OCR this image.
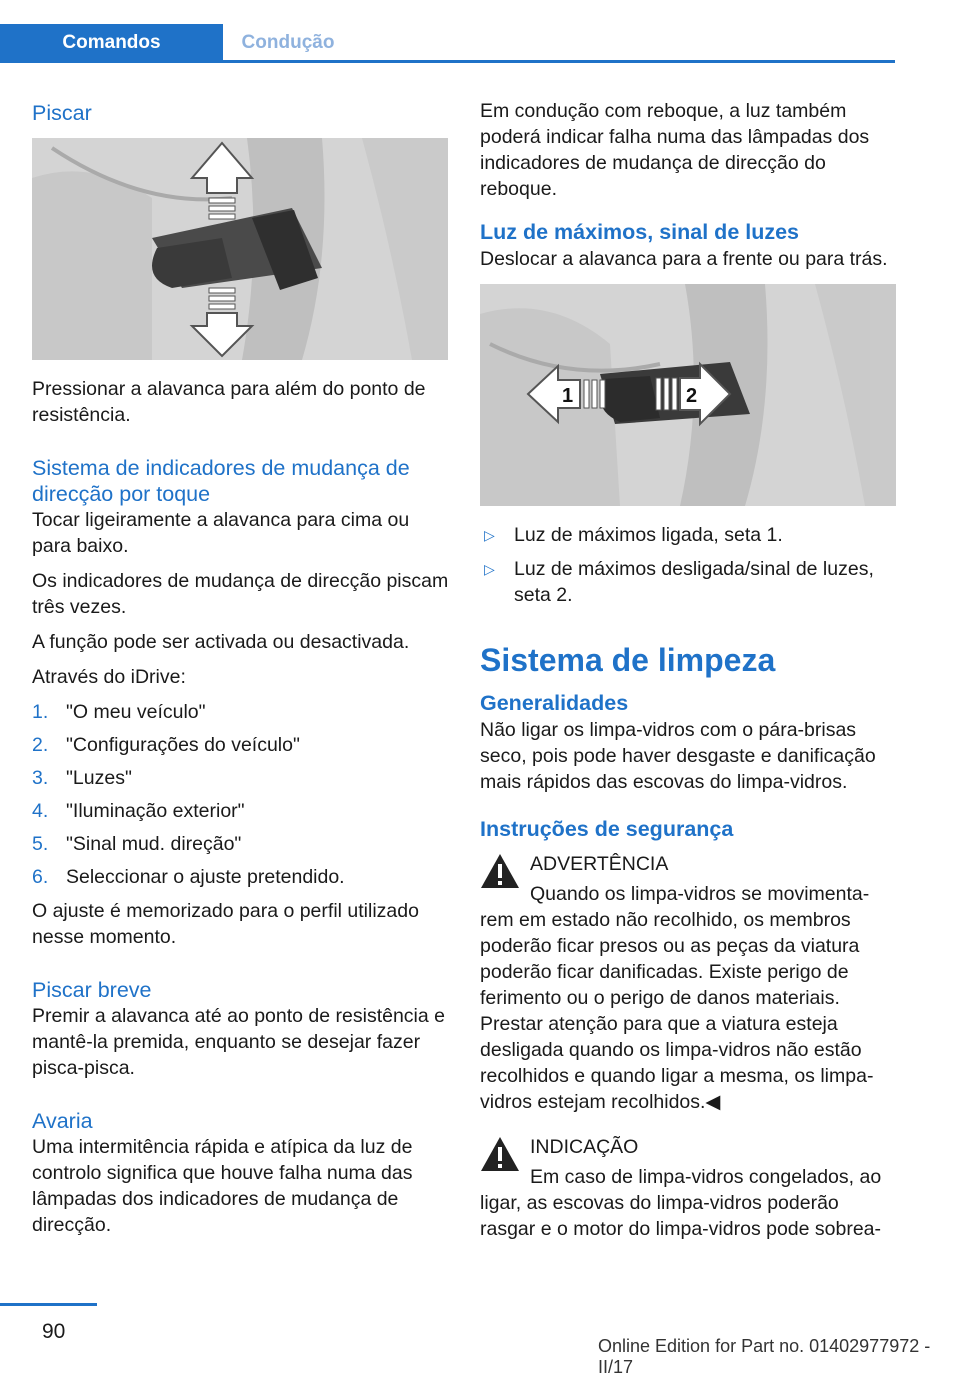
Comandos	Condução
Piscar

Pressionar a alavanca para além do ponto de resistência.

Sistema de indicadores de mudança de direcção por toque

Tocar ligeiramente a alavanca para cima ou para baixo.

Os indicadores de mudança de direcção piscam três vezes.

A função pode ser activada ou desactivada.

Através do iDrive:

1. "O meu veículo"
2. "Configurações do veículo"
3. "Luzes"
4. "Iluminação exterior"
5. "Sinal mud. direção"
6. Seleccionar o ajuste pretendido.

O ajuste é memorizado para o perfil utilizado nesse momento.

Piscar breve

Premir a alavanca até ao ponto de resistência e mantê-la premida, enquanto se desejar fazer pisca-pisca.

Avaria

Uma intermitência rápida e atípica da luz de controlo significa que houve falha numa das lâmpadas dos indicadores de mudança de direcção.

Em condução com reboque, a luz também poderá indicar falha numa das lâmpadas dos indicadores de mudança de direcção do reboque.

Luz de máximos, sinal de luzes

Deslocar a alavanca para a frente ou para trás.

1	2
▷ Luz de máximos ligada, seta 1.
▷ Luz de máximos desligada/sinal de luzes, seta 2.
Sistema de limpeza
Generalidades

Não ligar os limpa-vidros com o pára-brisas seco, pois pode haver desgaste e danificação mais rápidos das escovas do limpa-vidros.

Instruções de segurança
ADVERTÊNCIA

Quando os limpa-vidros se movimenta-

rem em estado não recolhido, os membros poderão ficar presos ou as peças da viatura poderão ficar danificadas. Existe perigo de ferimento ou o perigo de danos materiais. Prestar atenção para que a viatura esteja desligada quando os limpa-vidros não estão recolhidos e quando ligar a mesma, os limpa-vidros estejam recolhidos.◀

INDICAÇÃO

Em caso de limpa-vidros congelados, ao

ligar, as escovas do limpa-vidros poderão rasgar e o motor do limpa-vidros pode sobrea-

90
Online Edition for Part no. 01402977972 - II/17
